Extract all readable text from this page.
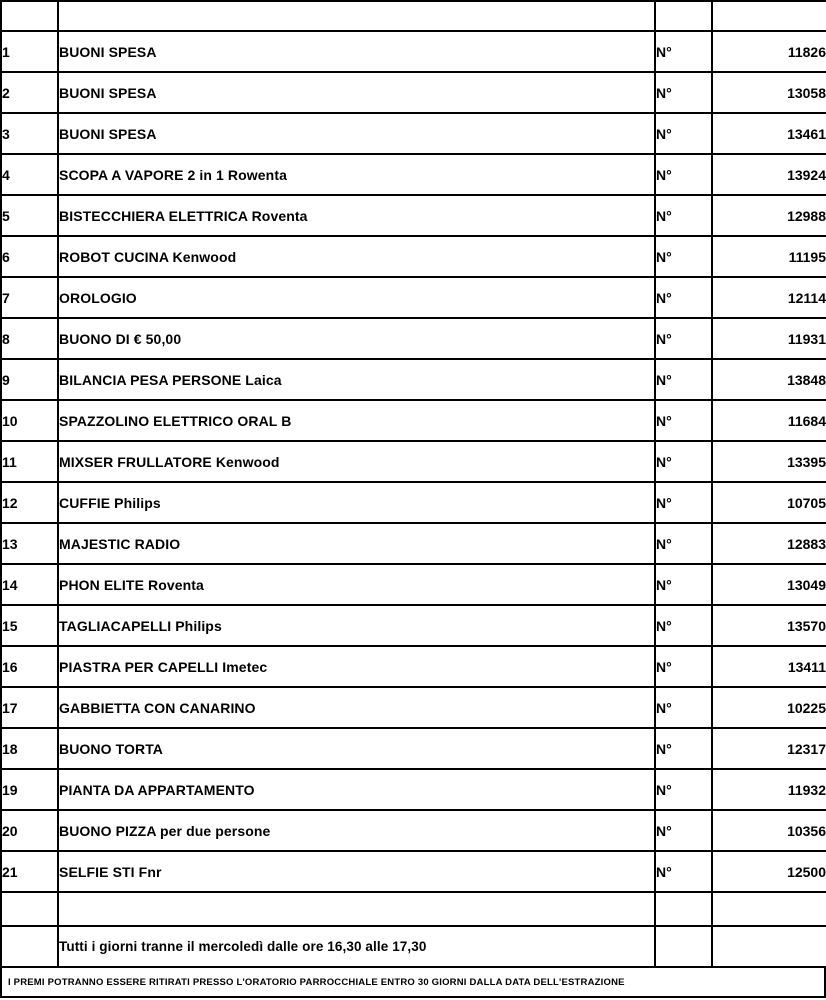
1	BUONI SPESA	N°	11826
2	BUONI SPESA	N°	13058
3	BUONI SPESA	N°	13461
4	SCOPA A VAPORE 2 in 1 Rowenta	N°	13924
5	BISTECCHIERA ELETTRICA Roventa	N°	12988
6	ROBOT CUCINA Kenwood	N°	11195
7	OROLOGIO	N°	12114
8	BUONO DI € 50,00	N°	11931
9	BILANCIA PESA PERSONE Laica	N°	13848
10	SPAZZOLINO ELETTRICO ORAL B	N°	11684
11	MIXSER FRULLATORE Kenwood	N°	13395
12	CUFFIE Philips	N°	10705
13	MAJESTIC RADIO	N°	12883
14	PHON ELITE Roventa	N°	13049
15	TAGLIACAPELLI Philips	N°	13570
16	PIASTRA PER CAPELLI Imetec	N°	13411
17	GABBIETTA CON CANARINO	N°	10225
18	BUONO TORTA	N°	12317
19	PIANTA DA APPARTAMENTO	N°	11932
20	BUONO PIZZA per due persone	N°	10356
21	SELFIE STI Fnr	N°	12500

	Tutti i giorni tranne il mercoledì dalle ore 16,30 alle 17,30		
I PREMI POTRANNO ESSERE RITIRATI PRESSO L'ORATORIO PARROCCHIALE ENTRO 30 GIORNI DALLA DATA DELL'ESTRAZIONE
